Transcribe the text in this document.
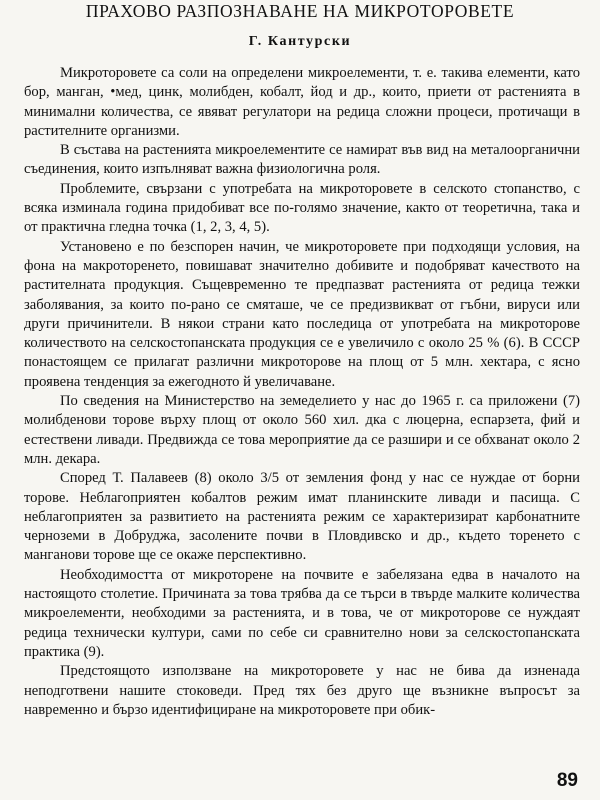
ПРАХОВО РАЗПОЗНАВАНЕ НА МИКРОТОРОВЕТЕ
Г. Кантурски

Микроторовете са соли на определени микроелементи, т. е. такива елементи, като бор, манган, •мед, цинк, молибден, кобалт, йод и др., които, приети от растенията в минимални количества, се явяват регулатори на редица сложни процеси, протичащи в растителните организми.

В състава на растенията микроелементите се намират във вид на металоорганични съединения, които изпълняват важна физиологична роля.

Проблемите, свързани с употребата на микроторовете в селското стопанство, с всяка изминала година придобиват все по-голямо значение, както от теоретична, така и от практична гледна точка (1, 2, 3, 4, 5).

Установено е по безспорен начин, че микроторовете при подходящи условия, на фона на макроторенето, повишават значително добивите и подобряват качеството на растителната продукция. Същевременно те предпазват растенията от редица тежки заболявания, за които по-рано се смяташе, че се предизвикват от гъбни, вируси или други причинители. В някои страни като последица от употребата на микроторове количеството на селскостопанската продукция се е увеличило с около 25 % (6). В СССР понастоящем се прилагат различни микроторове на площ от 5 млн. хектара, с ясно проявена тенденция за ежегодното й увеличаване.

По сведения на Министерство на земеделието у нас до 1965 г. са приложени (7) молибденови торове върху площ от около 560 хил. дка с люцерна, еспарзета, фий и естествени ливади. Предвижда се това мероприятие да се разшири и се обхванат около 2 млн. декара.

Според Т. Палавеев (8) около 3/5 от земления фонд у нас се нуждае от борни торове. Неблагоприятен кобалтов режим имат планинските ливади и пасища. С неблагоприятен за развитието на растенията режим се характеризират карбонатните черноземи в Добруджа, засолените почви в Пловдивско и др., където торенето с манганови торове ще се окаже перспективно.

Необходимостта от микроторене на почвите е забелязана едва в началото на настоящото столетие. Причината за това трябва да се търси в твърде малките количества микроелементи, необходими за растенията, и в това, че от микроторове се нуждаят редица технически култури, сами по себе си сравнително нови за селскостопанската практика (9).

Предстоящото използване на микроторовете у нас не бива да изненада неподготвени нашите стоковеди. Пред тях без друго ще възникне въпросът за навременно и бързо идентифициране на микроторовете при обик-

89
